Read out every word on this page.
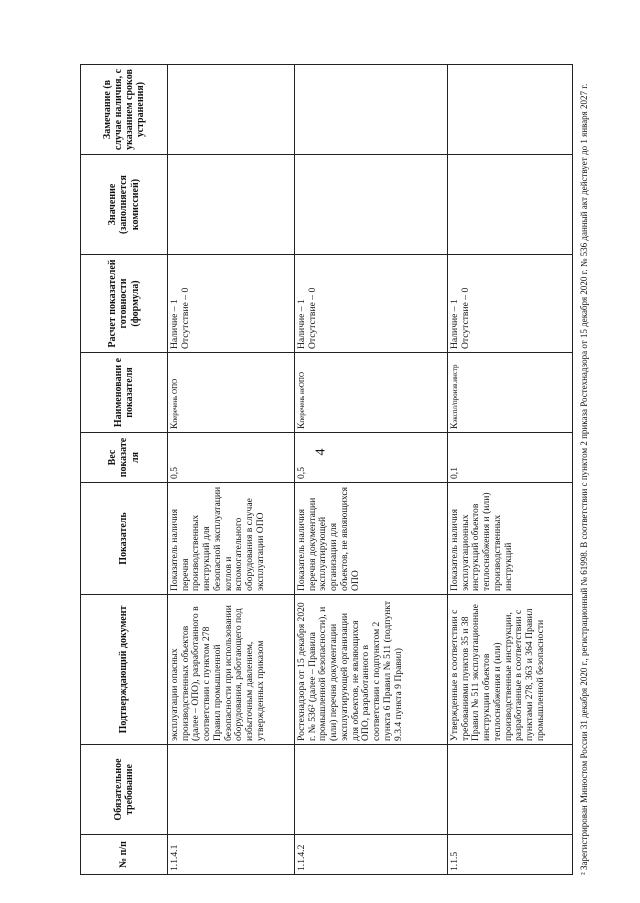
4
№ п/п	Обязательное требование	Подтверждающий документ	Показатель	Вес показателя	Наименовани е показателя	Расчет показателей готовности (формула)	Значение (заполняется комиссией)	Замечание (в случае наличия, с указанием сроков устранения)
1.1.4.1		эксплуатации опасных производственных объектов (далее – ОПО), разработанного в соответствии с пунктом 278 Правил промышленной безопасности при использовании оборудования, работающего под избыточным давлением, утвержденных приказом	Показатель наличия перечня производственных инструкций для безопасной эксплуатации котлов и вспомогательного оборудования в случае эксплуатации ОПО	0,5	Кперечень ОПО	Наличие – 1 Отсутствие – 0		
1.1.4.2		Ростехнадзора от 15 декабря 2020 г. № 536² (далее – Правила промышленной безопасности), и (или) перечня документации эксплуатирующей организации для объектов, не являющихся ОПО, разработанного в соответствии с подпунктом 2 пункта 6 Правил № 511 (подпункт 9.3.4 пункта 9 Правил)	Показатель наличия перечня документации эксплуатирующей организации для объектов, не являющихся ОПО	0,5	Кперечень неОПО	Наличие – 1 Отсутствие – 0		
1.1.5		Утвержденные в соответствии с требованиями пунктов 35 и 38 Правил № 511 эксплуатационные инструкции объектов теплоснабжения и (или) производственные инструкции, разработанные в соответствии с пунктами 278, 363 и 364 Правил промышленной безопасности	Показатель наличия эксплуатационных инструкций объектов теплоснабжения и (или) производственных инструкций	0,1	Кэкспл/произв.инстр	Наличие – 1 Отсутствие – 0			² Зарегистрирован Минюстом России 31 декабря 2020 г., регистрационный № 61998. В соответствии с пунктом 2 приказа Ростехнадзора от 15 декабря 2020 г. № 536 данный акт действует до 1 января 2027 г.
